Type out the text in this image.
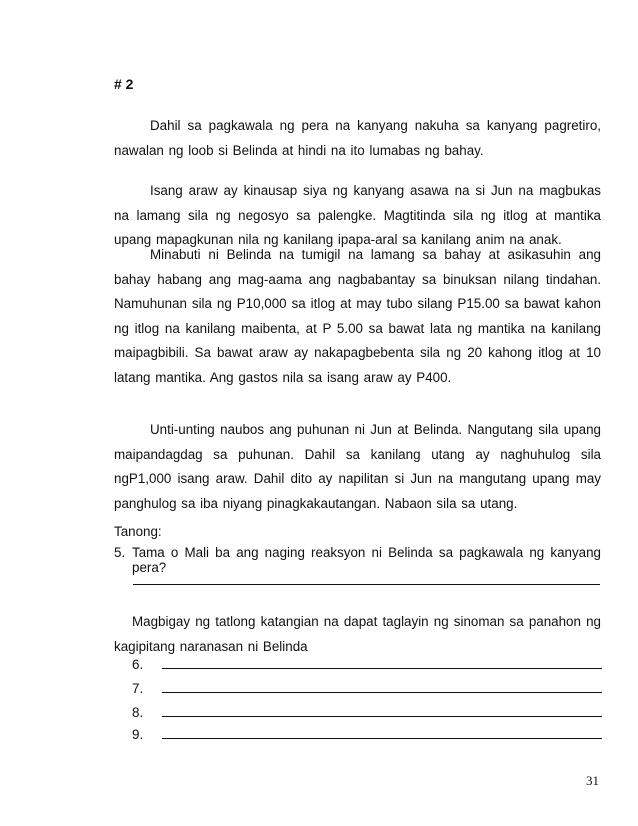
# 2

Dahil sa pagkawala ng pera na kanyang nakuha sa kanyang pagretiro, nawalan ng loob si Belinda at hindi na ito lumabas ng bahay.

Isang araw ay kinausap siya ng kanyang asawa na si Jun na magbukas na lamang sila ng negosyo sa palengke. Magtitinda sila ng itlog at mantika upang mapagkunan nila ng kanilang ipapa-aral sa kanilang anim na anak.

Minabuti ni Belinda na tumigil na lamang sa bahay at asikasuhin ang bahay habang ang mag-aama ang nagbabantay sa binuksan nilang tindahan. Namuhunan sila ng P10,000 sa itlog at may tubo silang P15.00 sa bawat kahon ng itlog na kanilang maibenta, at P 5.00 sa bawat lata ng mantika na kanilang maipagbibili. Sa bawat araw ay nakapagbebenta sila ng 20 kahong itlog at 10 latang mantika. Ang gastos nila sa isang araw ay P400.

Unti-unting naubos ang puhunan ni Jun at Belinda. Nangutang sila upang maipandagdag sa puhunan. Dahil sa kanilang utang ay naghuhulog sila ngP1,000 isang araw. Dahil dito ay napilitan si Jun na mangutang upang may panghulog sa iba niyang pinagkakautangan. Nabaon sila sa utang.

Tanong:

5. Tama o Mali ba ang naging reaksyon ni Belinda sa pagkawala ng kanyang pera?

Magbigay ng tatlong katangian na dapat taglayin ng sinoman sa panahon ng kagipitang naranasan ni Belinda

6.
7.
8.
9.

31
